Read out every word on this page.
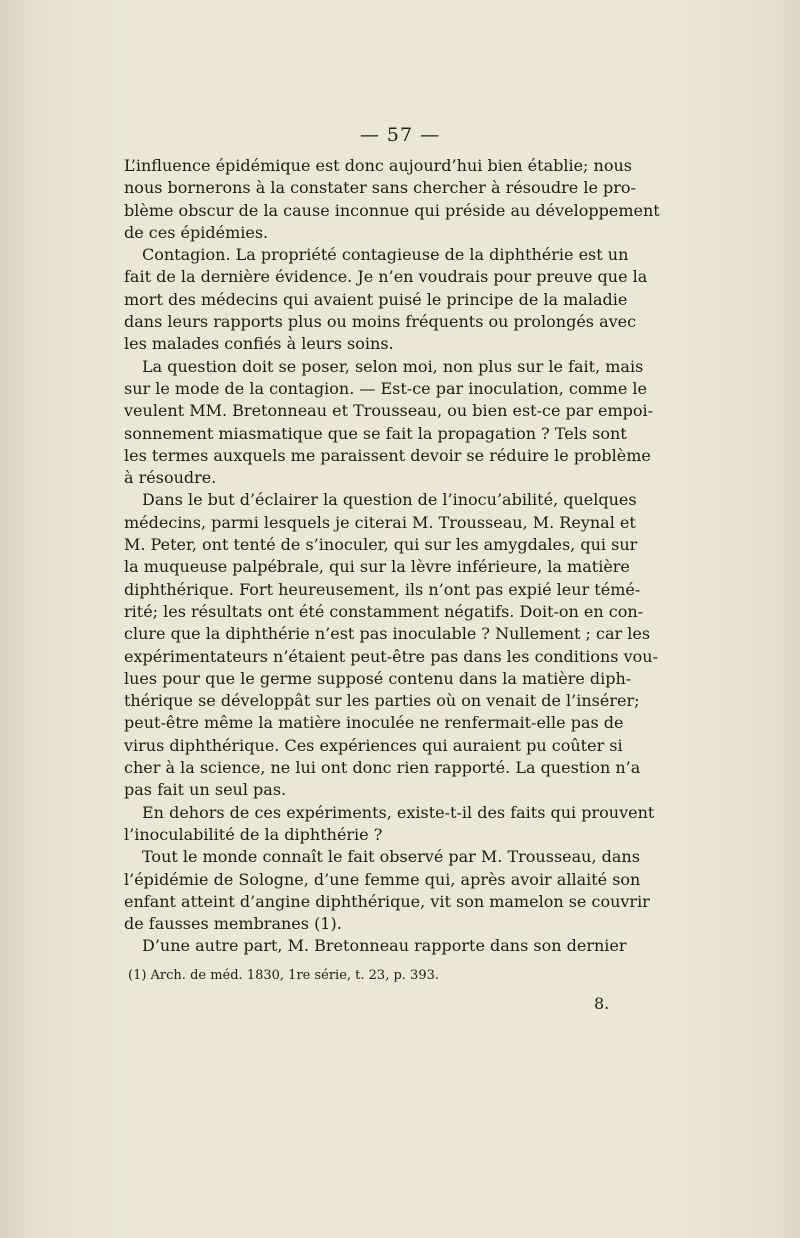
— 57 —
L’influence épidémique est donc aujourd’hui bien établie; nous
nous bornerons à la constater sans chercher à résoudre le pro-
blème obscur de la cause inconnue qui préside au développement
de ces épidémies.
Contagion. La propriété contagieuse de la diphthérie est un
fait de la dernière évidence. Je n’en voudrais pour preuve que la
mort des médecins qui avaient puisé le principe de la maladie
dans leurs rapports plus ou moins fréquents ou prolongés avec
les malades confiés à leurs soins.
La question doit se poser, selon moi, non plus sur le fait, mais
sur le mode de la contagion. — Est-ce par inoculation, comme le
veulent MM. Bretonneau et Trousseau, ou bien est-ce par empoi-
sonnement miasmatique que se fait la propagation ? Tels sont
les termes auxquels me paraissent devoir se réduire le problème
à résoudre.
Dans le but d’éclairer la question de l’inocu’abilité, quelques
médecins, parmi lesquels je citerai M. Trousseau, M. Reynal et
M. Peter, ont tenté de s’inoculer, qui sur les amygdales, qui sur
la muqueuse palpébrale, qui sur la lèvre inférieure, la matière
diphthérique. Fort heureusement, ils n’ont pas expié leur témé-
rité; les résultats ont été constamment négatifs. Doit-on en con-
clure que la diphthérie n’est pas inoculable ? Nullement ; car les
expérimentateurs n’étaient peut-être pas dans les conditions vou-
lues pour que le germe supposé contenu dans la matière diph-
thérique se développât sur les parties où on venait de l’insérer;
peut-être même la matière inoculée ne renfermait-elle pas de
virus diphthérique. Ces expériences qui auraient pu coûter si
cher à la science, ne lui ont donc rien rapporté. La question n’a
pas fait un seul pas.
En dehors de ces expériments, existe-t-il des faits qui prouvent
l’inoculabilité de la diphthérie ?
Tout le monde connaît le fait observé par M. Trousseau, dans
l’épidémie de Sologne, d’une femme qui, après avoir allaité son
enfant atteint d’angine diphthérique, vit son mamelon se couvrir
de fausses membranes (1).
D’une autre part, M. Bretonneau rapporte dans son dernier
(1) Arch. de méd. 1830, 1re série, t. 23, p. 393.
8.
